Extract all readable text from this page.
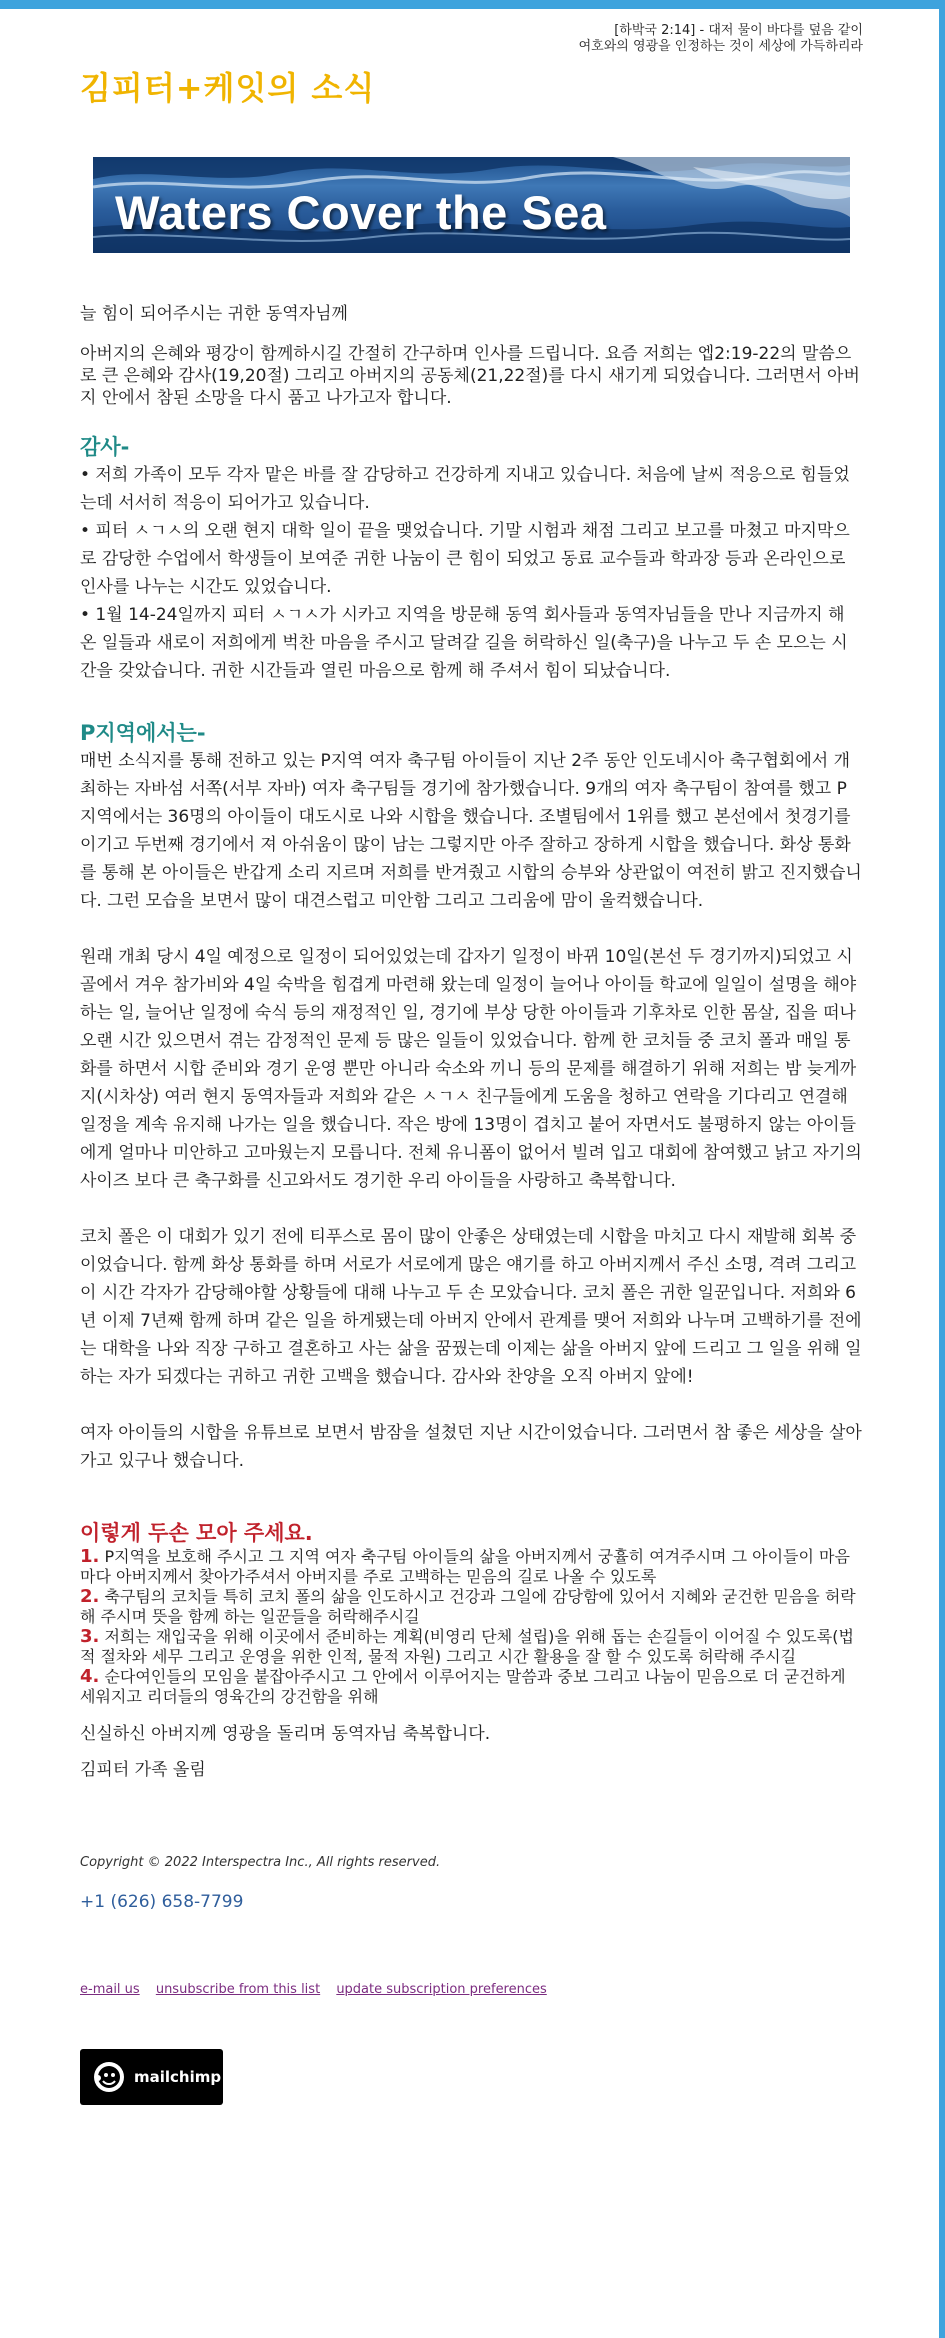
[하박국 2:14] - 대저 물이 바다를 덮음 같이
여호와의 영광을 인정하는 것이 세상에 가득하리라
김피터+케잇의 소식
Waters Cover the Sea
늘 힘이 되어주시는 귀한 동역자님께
아버지의 은혜와 평강이 함께하시길 간절히 간구하며 인사를 드립니다. 요즘 저희는 엡2:19-22의 말씀으로 큰 은혜와 감사(19,20절) 그리고 아버지의 공동체(21,22절)를 다시 새기게 되었습니다. 그러면서 아버지 안에서 참된 소망을 다시 품고 나가고자 합니다.
감사-
• 저희 가족이 모두 각자 맡은 바를 잘 감당하고 건강하게 지내고 있습니다. 처음에 날씨 적응으로 힘들었는데 서서히 적응이 되어가고 있습니다.
• 피터 ㅅㄱㅅ의 오랜 현지 대학 일이 끝을 맺었습니다. 기말 시험과 채점 그리고 보고를 마쳤고 마지막으로 감당한 수업에서 학생들이 보여준 귀한 나눔이 큰 힘이 되었고 동료 교수들과 학과장 등과 온라인으로 인사를 나누는 시간도 있었습니다.
• 1월 14-24일까지 피터 ㅅㄱㅅ가 시카고 지역을 방문해 동역 회사들과 동역자님들을 만나 지금까지 해 온 일들과 새로이 저희에게 벅찬 마음을 주시고 달려갈 길을 허락하신 일(축구)을 나누고 두 손 모으는 시간을 갖았습니다. 귀한 시간들과 열린 마음으로 함께 해 주셔서 힘이 되났습니다.
P지역에서는-
매번 소식지를 통해 전하고 있는 P지역 여자 축구팀 아이들이 지난 2주 동안 인도네시아 축구협회에서 개최하는 자바섬 서쪽(서부 자바) 여자 축구팀들 경기에 참가했습니다. 9개의 여자 축구팀이 참여를 했고 P지역에서는 36명의 아이들이 대도시로 나와 시합을 했습니다. 조별팀에서 1위를 했고 본선에서 첫경기를 이기고 두번째 경기에서 져 아쉬움이 많이 남는 그렇지만 아주 잘하고 장하게 시합을 했습니다. 화상 통화를 통해 본 아이들은 반갑게 소리 지르며 저희를 반겨줬고 시합의 승부와 상관없이 여전히 밝고 진지했습니다. 그런 모습을 보면서 많이 대견스럽고 미안함 그리고 그리움에 맘이 울컥했습니다.
원래 개최 당시 4일 예정으로 일정이 되어있었는데 갑자기 일정이 바뀌 10일(본선 두 경기까지)되었고 시골에서 겨우 참가비와 4일 숙박을 힘겹게 마련해 왔는데 일정이 늘어나 아이들 학교에 일일이 설명을 해야하는 일, 늘어난 일정에 숙식 등의 재정적인 일, 경기에 부상 당한 아이들과 기후차로 인한 몸살, 집을 떠나 오랜 시간 있으면서 겪는 감정적인 문제 등 많은 일들이 있었습니다. 함께 한 코치들 중 코치 폴과 매일 통화를 하면서 시합 준비와 경기 운영 뿐만 아니라 숙소와 끼니 등의 문제를 해결하기 위해 저희는 밤 늦게까지(시차상) 여러 현지 동역자들과 저희와 같은 ㅅㄱㅅ 친구들에게 도움을 청하고 연락을 기다리고 연결해 일정을 계속 유지해 나가는 일을 했습니다. 작은 방에 13명이 겹치고 붙어 자면서도 불평하지 않는 아이들에게 얼마나 미안하고 고마웠는지 모릅니다. 전체 유니폼이 없어서 빌려 입고 대회에 참여했고 낡고 자기의 사이즈 보다 큰 축구화를 신고와서도 경기한 우리 아이들을 사랑하고 축복합니다.
코치 폴은 이 대회가 있기 전에 티푸스로 몸이 많이 안좋은 상태였는데 시합을 마치고 다시 재발해 회복 중이었습니다. 함께 화상 통화를 하며 서로가 서로에게 많은 얘기를 하고 아버지께서 주신 소명, 격려 그리고 이 시간 각자가 감당해야할 상황들에 대해 나누고 두 손 모았습니다. 코치 폴은 귀한 일꾼입니다. 저희와 6년 이제 7년째 함께 하며 같은 일을 하게됐는데 아버지 안에서 관계를 맺어 저희와 나누며 고백하기를 전에는 대학을 나와 직장 구하고 결혼하고 사는 삶을 꿈꿨는데 이제는 삶을 아버지 앞에 드리고 그 일을 위해 일하는 자가 되겠다는 귀하고 귀한 고백을 했습니다. 감사와 찬양을 오직 아버지 앞에!
여자 아이들의 시합을 유튜브로 보면서 밤잠을 설쳤던 지난 시간이었습니다. 그러면서 참 좋은 세상을 살아가고 있구나 했습니다.
이렇게 두손 모아 주세요.
1. P지역을 보호해 주시고 그 지역 여자 축구팀 아이들의 삶을 아버지께서 궁휼히 여겨주시며 그 아이들이 마음마다 아버지께서 찾아가주셔서 아버지를 주로 고백하는 믿음의 길로 나올 수 있도록
2. 축구팀의 코치들 특히 코치 폴의 삶을 인도하시고 건강과 그일에 감당함에 있어서 지혜와 굳건한 믿음을 허락해 주시며 뜻을 함께 하는 일꾼들을 허락해주시길
3. 저희는 재입국을 위해 이곳에서 준비하는 계획(비영리 단체 설립)을 위해 돕는 손길들이 이어질 수 있도록(법적 절차와 세무 그리고 운영을 위한 인적, 물적 자원) 그리고 시간 활용을 잘 할 수 있도록 허락해 주시길
4. 순다여인들의 모임을 붙잡아주시고 그 안에서 이루어지는 말씀과 중보 그리고 나눔이 믿음으로 더 굳건하게 세워지고 리더들의 영육간의 강건함을 위해
신실하신 아버지께 영광을 돌리며 동역자님 축복합니다.
김피터 가족 올림
Copyright © 2022 Interspectra Inc., All rights reserved.
+1 (626) 658-7799
e-mail us unsubscribe from this list update subscription preferences
mailchimp
